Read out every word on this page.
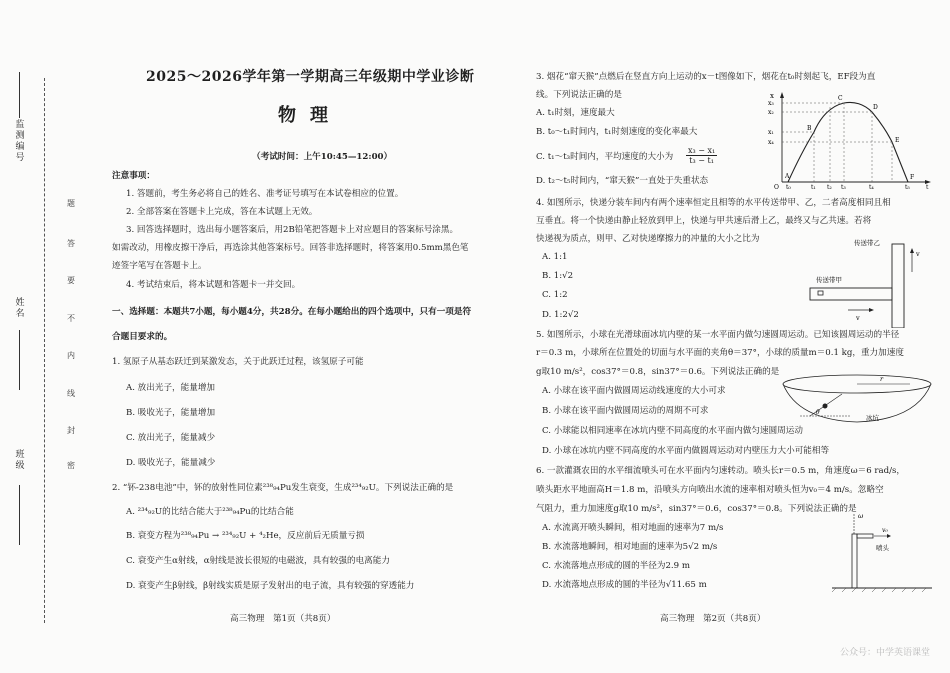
监测编号
姓名
班级	密
封
线
内
不
要
答
题
2025～2026学年第一学期高三年级期中学业诊断
物理
（考试时间：上午10:45—12:00）
注意事项：
1. 答题前，考生务必将自己的姓名、准考证号填写在本试卷相应的位置。
2. 全部答案在答题卡上完成，答在本试题上无效。
3. 回答选择题时，选出每小题答案后，用2B铅笔把答题卡上对应题目的答案标号涂黑。
如需改动，用橡皮擦干净后，再选涂其他答案标号。回答非选择题时，将答案用0.5mm黑色笔
迹签字笔写在答题卡上。
4. 考试结束后，将本试题和答题卡一并交回。
一、选择题：本题共7小题，每小题4分，共28分。在每小题给出的四个选项中，只有一项是符
合题目要求的。
1. 氢原子从基态跃迁到某激发态，关于此跃迁过程，该氢原子可能
A. 放出光子，能量增加
B. 吸收光子，能量增加
C. 放出光子，能量减少
D. 吸收光子，能量减少
2. “钚-238电池”中，钚的放射性同位素²³⁸₉₄Pu发生衰变，生成²³⁴₉₂U。下列说法正确的是
A. ²³⁴₉₂U的比结合能大于²³⁸₉₄Pu的比结合能
B. 衰变方程为²³⁸₉₄Pu → ²³⁴₉₂U + ⁴₂He，反应前后无质量亏损
C. 衰变产生α射线，α射线是波长很短的电磁波，具有较强的电离能力
D. 衰变产生β射线，β射线实质是原子发射出的电子流，具有较强的穿透能力
高三物理　第1页（共8页）
3. 烟花“窜天猴”点燃后在竖直方向上运动的x－t图像如下，烟花在t₀时刻起飞，EF段为直
线。下列说法正确的是
A. t₁时刻，速度最大
B. t₀～t₁时间内，t₁时刻速度的变化率最大
C. t₁～t₃时间内，平均速度的大小为 $\frac{\text{x₃ − x₁}}{\text{t₃ − t₁}}$
D. t₂～t₅时间内，“窜天猴”一直处于失重状态
x
x₃
x₂
x₁
x₄
O t₀	t₁ t₂ t₃	t₄	t₅	t
A
B
C
D
E
F
4. 如图所示，快递分装车间内有两个速率恒定且相等的水平传送带甲、乙，二者高度相同且相
互垂直。将一个快递由静止轻放到甲上，快递与甲共速后滑上乙，最终又与乙共速。若将
快递视为质点，则甲、乙对快递摩擦力的冲量的大小之比为
A. 1:1
B. 1:√2
C. 1:2
D. 1:2√2
传送带乙
传送带甲
v
v
5. 如图所示，小球在光滑球面冰坑内壁的某一水平面内做匀速圆周运动。已知该圆周运动的半径
r＝0.3 m，小球所在位置处的切面与水平面的夹角θ＝37°，小球的质量m＝0.1 kg，重力加速度
g取10 m/s²，cos37°＝0.8，sin37°＝0.6。下列说法正确的是
A. 小球在该平面内做圆周运动线速度的大小可求
B. 小球在该平面内做圆周运动的周期不可求
C. 小球能以相同速率在冰坑内壁不同高度的水平面内做匀速圆周运动
D. 小球在冰坑内壁不同高度的水平面内做圆周运动对内壁压力大小可能相等
r
θ
冰坑
6. 一款灌溉农田的水平细流喷头可在水平面内匀速转动。喷头长r＝0.5 m，角速度ω＝6 rad/s，
喷头距水平地面高H＝1.8 m，沿喷头方向喷出水流的速率相对喷头恒为v₀＝4 m/s。忽略空
气阻力，重力加速度g取10 m/s²，sin37°＝0.6，cos37°＝0.8。下列说法正确的是
A. 水流离开喷头瞬间，相对地面的速率为7 m/s
B. 水流落地瞬间，相对地面的速率为5√2 m/s
C. 水流落地点形成的圆的半径为2.9 m
D. 水流落地点形成的圆的半径为√11.65 m
ω
v₀
喷头
高三物理　第2页（共8页）
公众号：中学英语课堂
